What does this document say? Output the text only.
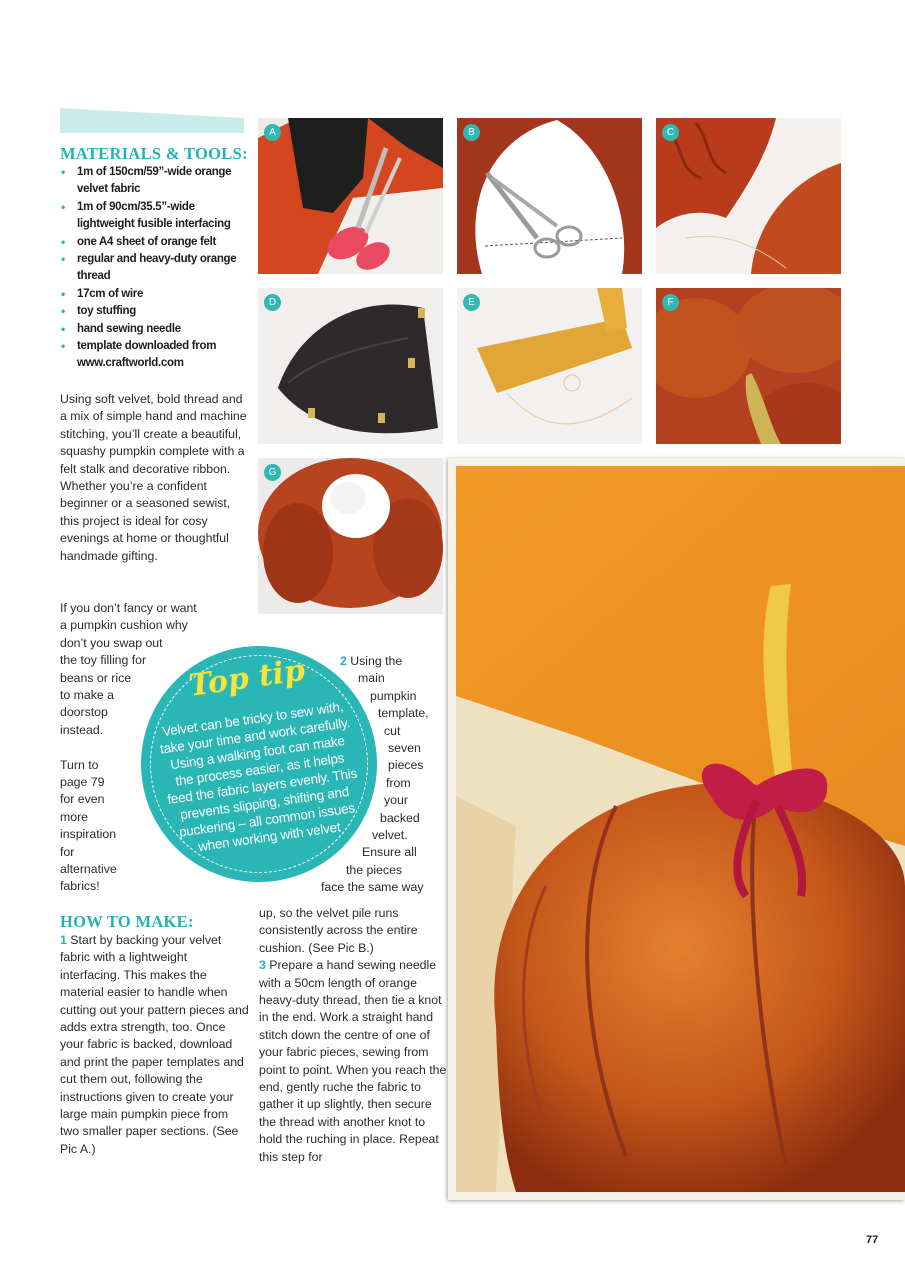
MATERIALS & TOOLS:
• 1m of 150cm/59”-wide orange velvet fabric
• 1m of 90cm/35.5”-wide lightweight fusible interfacing
• one A4 sheet of orange felt
• regular and heavy-duty orange thread
• 17cm of wire
• toy stuffing
• hand sewing needle
• template downloaded from www.craftworld.com

Using soft velvet, bold thread and a mix of simple hand and machine stitching, you’ll create a beautiful, squashy pumpkin complete with a felt stalk and decorative ribbon. Whether you’re a confident beginner or a seasoned sewist, this project is ideal for cosy evenings at home or thoughtful handmade gifting.

If you don’t fancy or want
a pumpkin cushion why
don’t you swap out
the toy filling for
beans or rice
to make a
doorstop
instead.
Turn to
page 79
for even
more
inspiration
for
alternative
fabrics!
2 Using the
main
pumpkin
template,
cut
seven
pieces
from
your
backed
velvet.
Ensure all
the pieces
face the same way
HOW TO MAKE:

1 Start by backing your velvet fabric with a lightweight interfacing. This makes the material easier to handle when cutting out your pattern pieces and adds extra strength, too. Once your fabric is backed, download and print the paper templates and cut them out, following the instructions given to create your large main pumpkin piece from two smaller paper sections. (See Pic A.)

up, so the velvet pile runs consistently across the entire cushion. (See Pic B.)

3 Prepare a hand sewing needle with a 50cm length of orange heavy-duty thread, then tie a knot in the end. Work a straight hand stitch down the centre of one of your fabric pieces, sewing from point to point. When you reach the end, gently ruche the fabric to gather it up slightly, then secure the thread with another knot to hold the ruching in place. Repeat this step for

A	B	C
D	E	F
G
Top tip
Velvet can be tricky to sew with, take your time and work carefully. Using a walking foot can make the process easier, as it helps feed the fabric layers evenly. This prevents slipping, shifting and puckering – all common issues when working with velvet
77
